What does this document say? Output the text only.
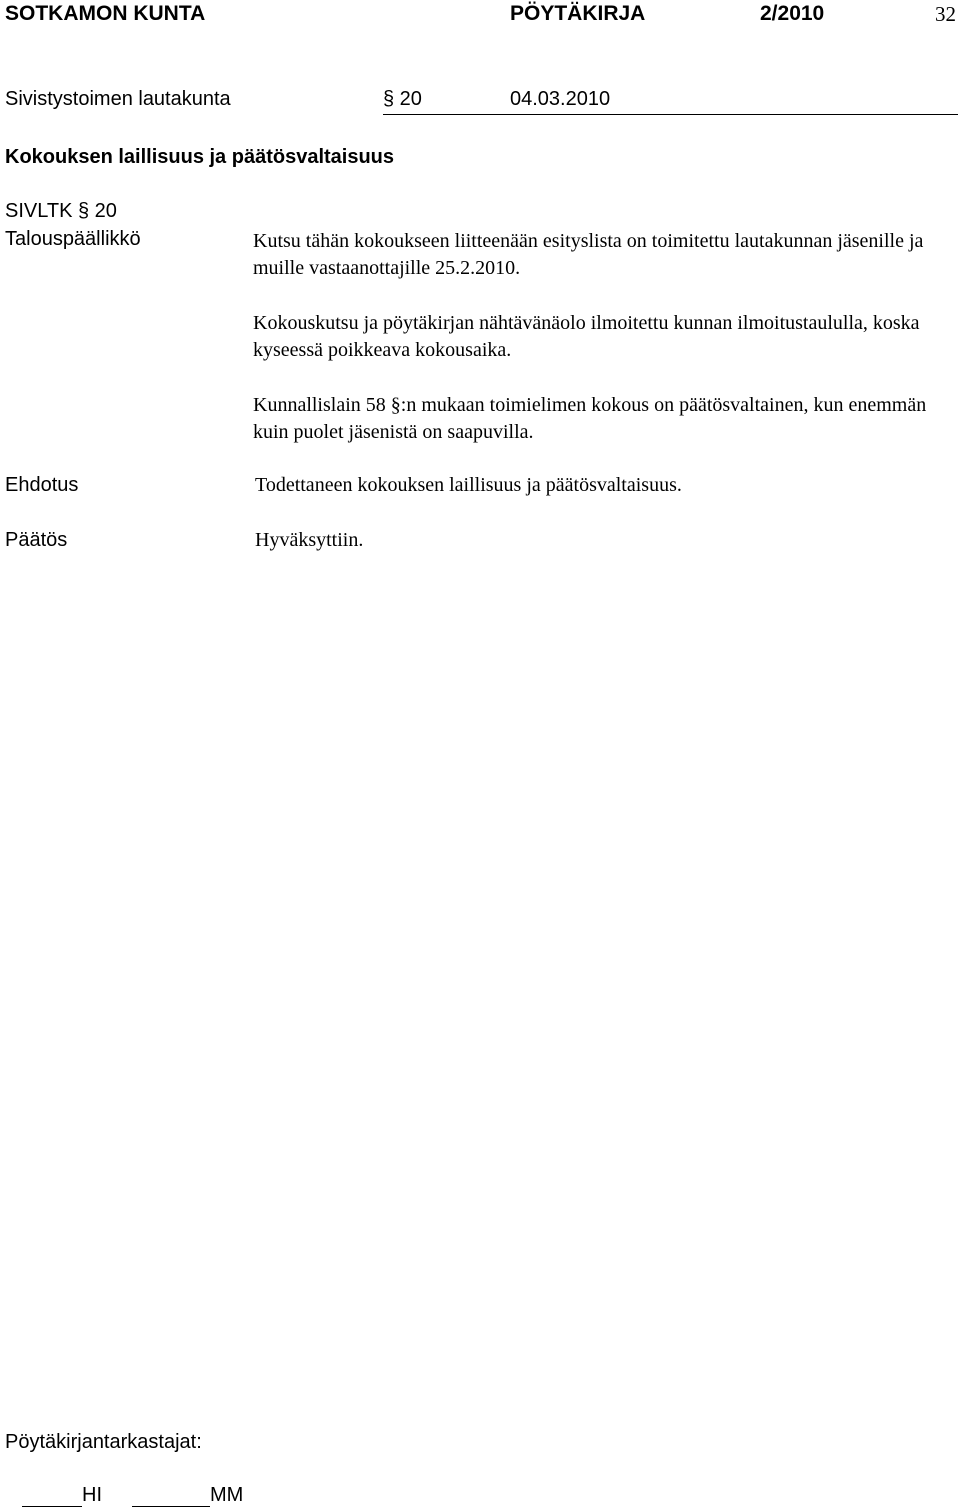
SOTKAMON KUNTA	PÖYTÄKIRJA	2/2010	32
Sivistystoimen lautakunta	§ 20	04.03.2010
Kokouksen laillisuus ja päätösvaltaisuus
SIVLTK § 20
Talouspäällikkö	Kutsu tähän kokoukseen liitteenään esityslista on toimitettu lautakunnan jäsenille ja muille vastaanottajille 25.2.2010.
Kokouskutsu ja pöytäkirjan nähtävänäolo ilmoitettu kunnan ilmoitustaululla, koska kyseessä poikkeava kokousaika.
Kunnallislain 58 §:n mukaan toimielimen kokous on päätösvaltainen, kun enemmän kuin puolet jäsenistä on saapuvilla.
Ehdotus	Todettaneen kokouksen laillisuus ja päätösvaltaisuus.
Päätös	Hyväksyttiin.
Pöytäkirjantarkastajat:
HI	MM
